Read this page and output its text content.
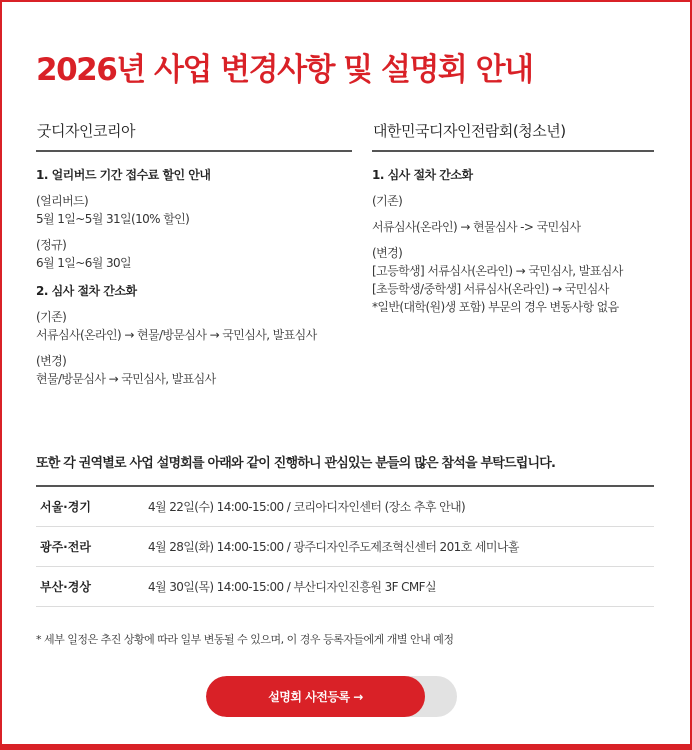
2026년 사업 변경사항 및 설명회 안내
굿디자인코리아
1. 얼리버드 기간 접수료 할인 안내
(얼리버드)
5월 1일~5월 31일(10% 할인)
(정규)
6월 1일~6월 30일
2. 심사 절차 간소화
(기존)
서류심사(온라인) → 현물/방문심사 → 국민심사, 발표심사
(변경)
현물/방문심사 → 국민심사, 발표심사
대한민국디자인전람회(청소년)
1. 심사 절차 간소화
(기존)
서류심사(온라인) → 현물심사 -> 국민심사
(변경)
[고등학생] 서류심사(온라인) → 국민심사, 발표심사
[초등학생/중학생] 서류심사(온라인) → 국민심사
*일반(대학(원)생 포함) 부문의 경우 변동사항 없음
또한 각 권역별로 사업 설명회를 아래와 같이 진행하니 관심있는 분들의 많은 참석을 부탁드립니다.
서울·경기	4월 22일(수) 14:00-15:00 / 코리아디자인센터 (장소 추후 안내)
광주·전라	4월 28일(화) 14:00-15:00 / 광주디자인주도제조혁신센터 201호 세미나홀
부산·경상	4월 30일(목) 14:00-15:00 / 부산디자인진흥원 3F CMF실
* 세부 일정은 추진 상황에 따라 일부 변동될 수 있으며, 이 경우 등록자들에게 개별 안내 예정
설명회 사전등록 →
